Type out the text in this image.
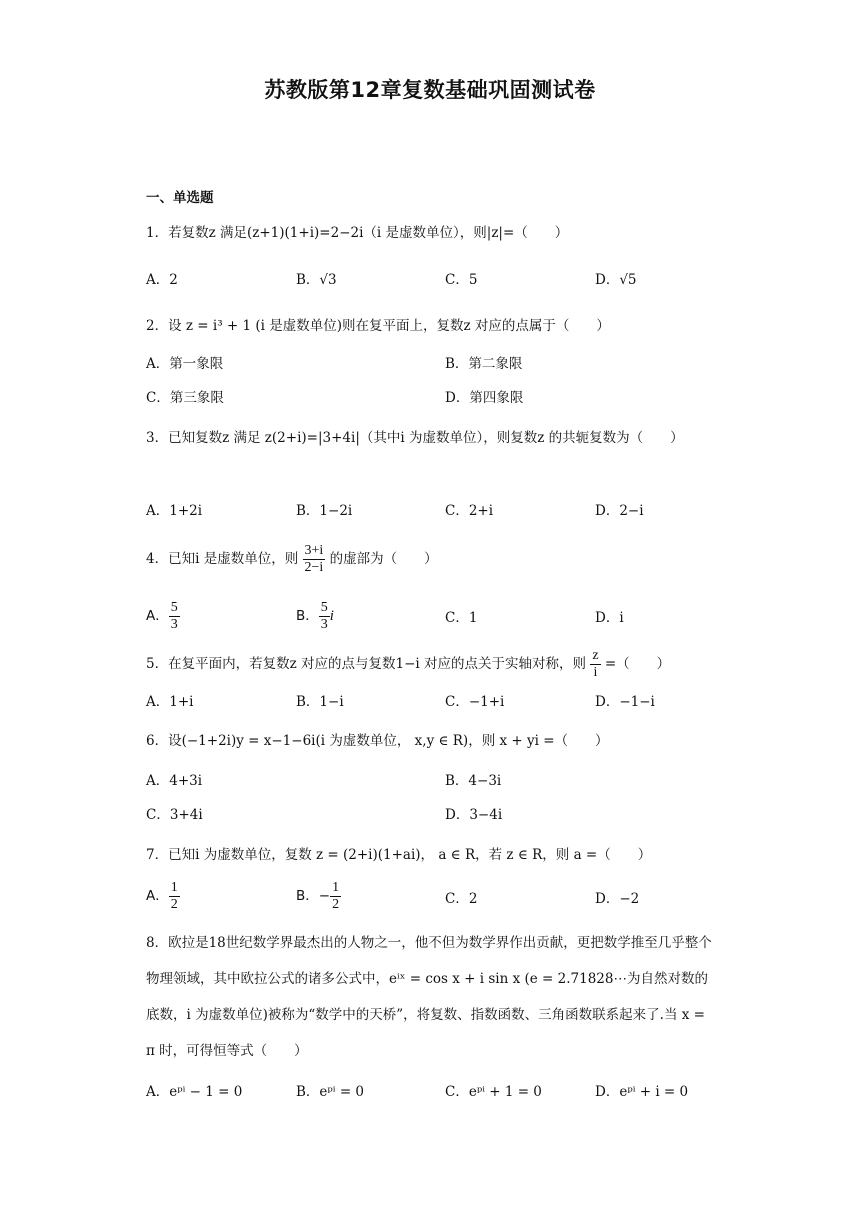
苏教版第12章复数基础巩固测试卷
一、单选题
1．若复数z 满足(z+1)(1+i)=2−2i（i 是虚数单位），则|z|=（　　）
A．2	B．√3	C．5	D．√5
2．设 z = i³ + 1 (i 是虚数单位)则在复平面上，复数z 对应的点属于（　　）
A．第一象限	B．第二象限
C．第三象限	D．第四象限
3．已知复数z 满足 z(2+i)=|3+4i|（其中i 为虚数单位），则复数z 的共轭复数为（　　）
A．1+2i	B．1−2i	C．2+i	D．2−i
4．已知i 是虚数单位，则 $\frac{3+i}{2-i}$ 的虚部为（　　）
A． $\frac{5}{3}$	B． $\frac{5}{3}$ i	C．1	D．i
5．在复平面内，若复数z 对应的点与复数1−i 对应的点关于实轴对称，则 $\frac{z}{i}$ =（　　）
A．1+i	B．1−i	C．−1+i	D．−1−i
6．设(−1+2i)y = x−1−6i(i 为虚数单位， x,y ∈ R)，则 x + yi =（　　）
A．4+3i	B．4−3i
C．3+4i	D．3−4i
7．已知i 为虚数单位，复数 z = (2+i)(1+ai)， a ∈ R，若 z ∈ R，则 a =（　　）
A． $\frac{1}{2}$	B．− $\frac{1}{2}$	C．2	D．−2
8．欧拉是18世纪数学界最杰出的人物之一，他不但为数学界作出贡献，更把数学推至几乎整个物理领域，其中欧拉公式的诸多公式中，eⁱˣ = cos x + i sin x (e = 2.71828⋯为自然对数的底数，i 为虚数单位)被称为“数学中的天桥”，将复数、指数函数、三角函数联系起来了.当 x = π 时，可得恒等式（　　）
A．eᵖⁱ − 1 = 0	B．eᵖⁱ = 0	C．eᵖⁱ + 1 = 0	D．eᵖⁱ + i = 0
